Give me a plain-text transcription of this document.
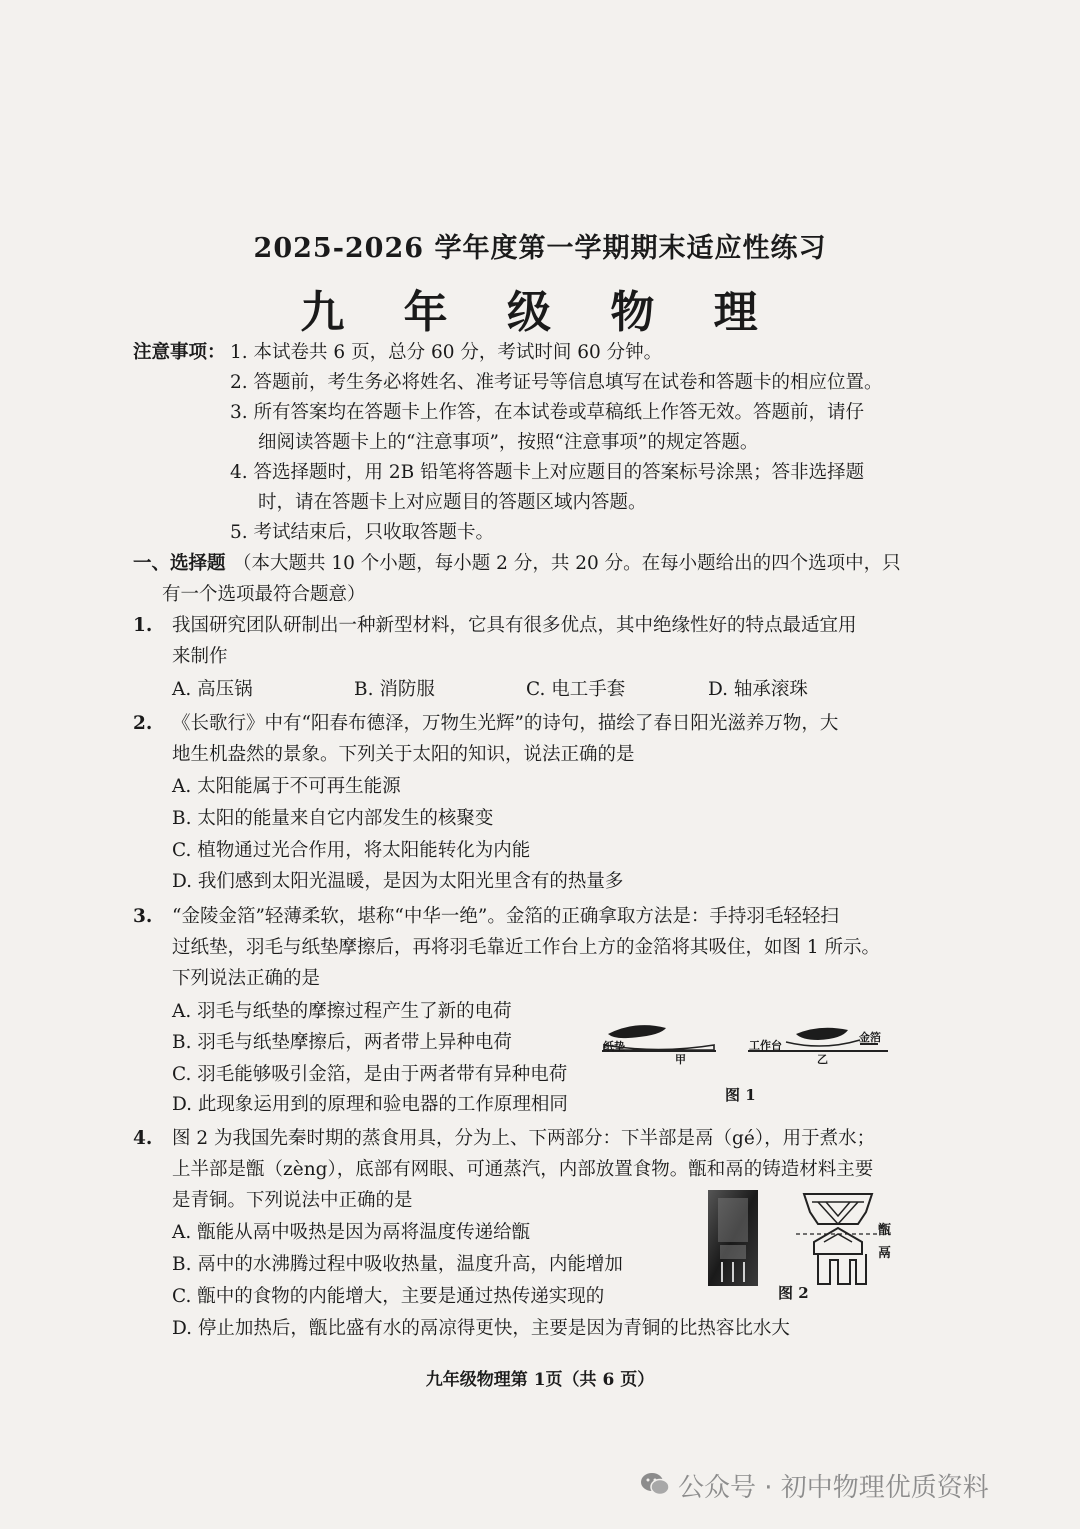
2025-2026 学年度第一学期期末适应性练习
九 年 级 物 理
注意事项： 1. 本试卷共 6 页，总分 60 分，考试时间 60 分钟。
2. 答题前，考生务必将姓名、准考证号等信息填写在试卷和答题卡的相应位置。
3. 所有答案均在答题卡上作答，在本试卷或草稿纸上作答无效。答题前，请仔
细阅读答题卡上的“注意事项”，按照“注意事项”的规定答题。
4. 答选择题时，用 2B 铅笔将答题卡上对应题目的答案标号涂黑；答非选择题
时，请在答题卡上对应题目的答题区域内答题。
5. 考试结束后，只收取答题卡。
一、选择题 （本大题共 10 个小题，每小题 2 分，共 20 分。在每小题给出的四个选项中，只
有一个选项最符合题意）
1. 我国研究团队研制出一种新型材料，它具有很多优点，其中绝缘性好的特点最适宜用
来制作
A. 高压锅	B. 消防服	C. 电工手套	D. 轴承滚珠
2. 《长歌行》中有“阳春布德泽，万物生光辉”的诗句，描绘了春日阳光滋养万物，大
地生机盎然的景象。下列关于太阳的知识，说法正确的是
A. 太阳能属于不可再生能源
B. 太阳的能量来自它内部发生的核聚变
C. 植物通过光合作用，将太阳能转化为内能
D. 我们感到太阳光温暖，是因为太阳光里含有的热量多
3. “金陵金箔”轻薄柔软，堪称“中华一绝”。金箔的正确拿取方法是：手持羽毛轻轻扫
过纸垫，羽毛与纸垫摩擦后，再将羽毛靠近工作台上方的金箔将其吸住，如图 1 所示。
下列说法正确的是
A. 羽毛与纸垫的摩擦过程产生了新的电荷
B. 羽毛与纸垫摩擦后，两者带上异种电荷
C. 羽毛能够吸引金箔，是由于两者带有异种电荷
D. 此现象运用到的原理和验电器的工作原理相同
纸垫
甲
工作台
金箔
乙
图 1
4. 图 2 为我国先秦时期的蒸食用具，分为上、下两部分：下半部是鬲（gé），用于煮水；
上半部是甑（zèng），底部有网眼、可通蒸汽，内部放置食物。甑和鬲的铸造材料主要
是青铜。下列说法中正确的是
A. 甑能从鬲中吸热是因为鬲将温度传递给甑
B. 鬲中的水沸腾过程中吸收热量，温度升高，内能增加
C. 甑中的食物的内能增大，主要是通过热传递实现的
D. 停止加热后，甑比盛有水的鬲凉得更快，主要是因为青铜的比热容比水大
甑
鬲
图 2
九年级物理第 1页（共 6 页）
公众号 · 初中物理优质资料
